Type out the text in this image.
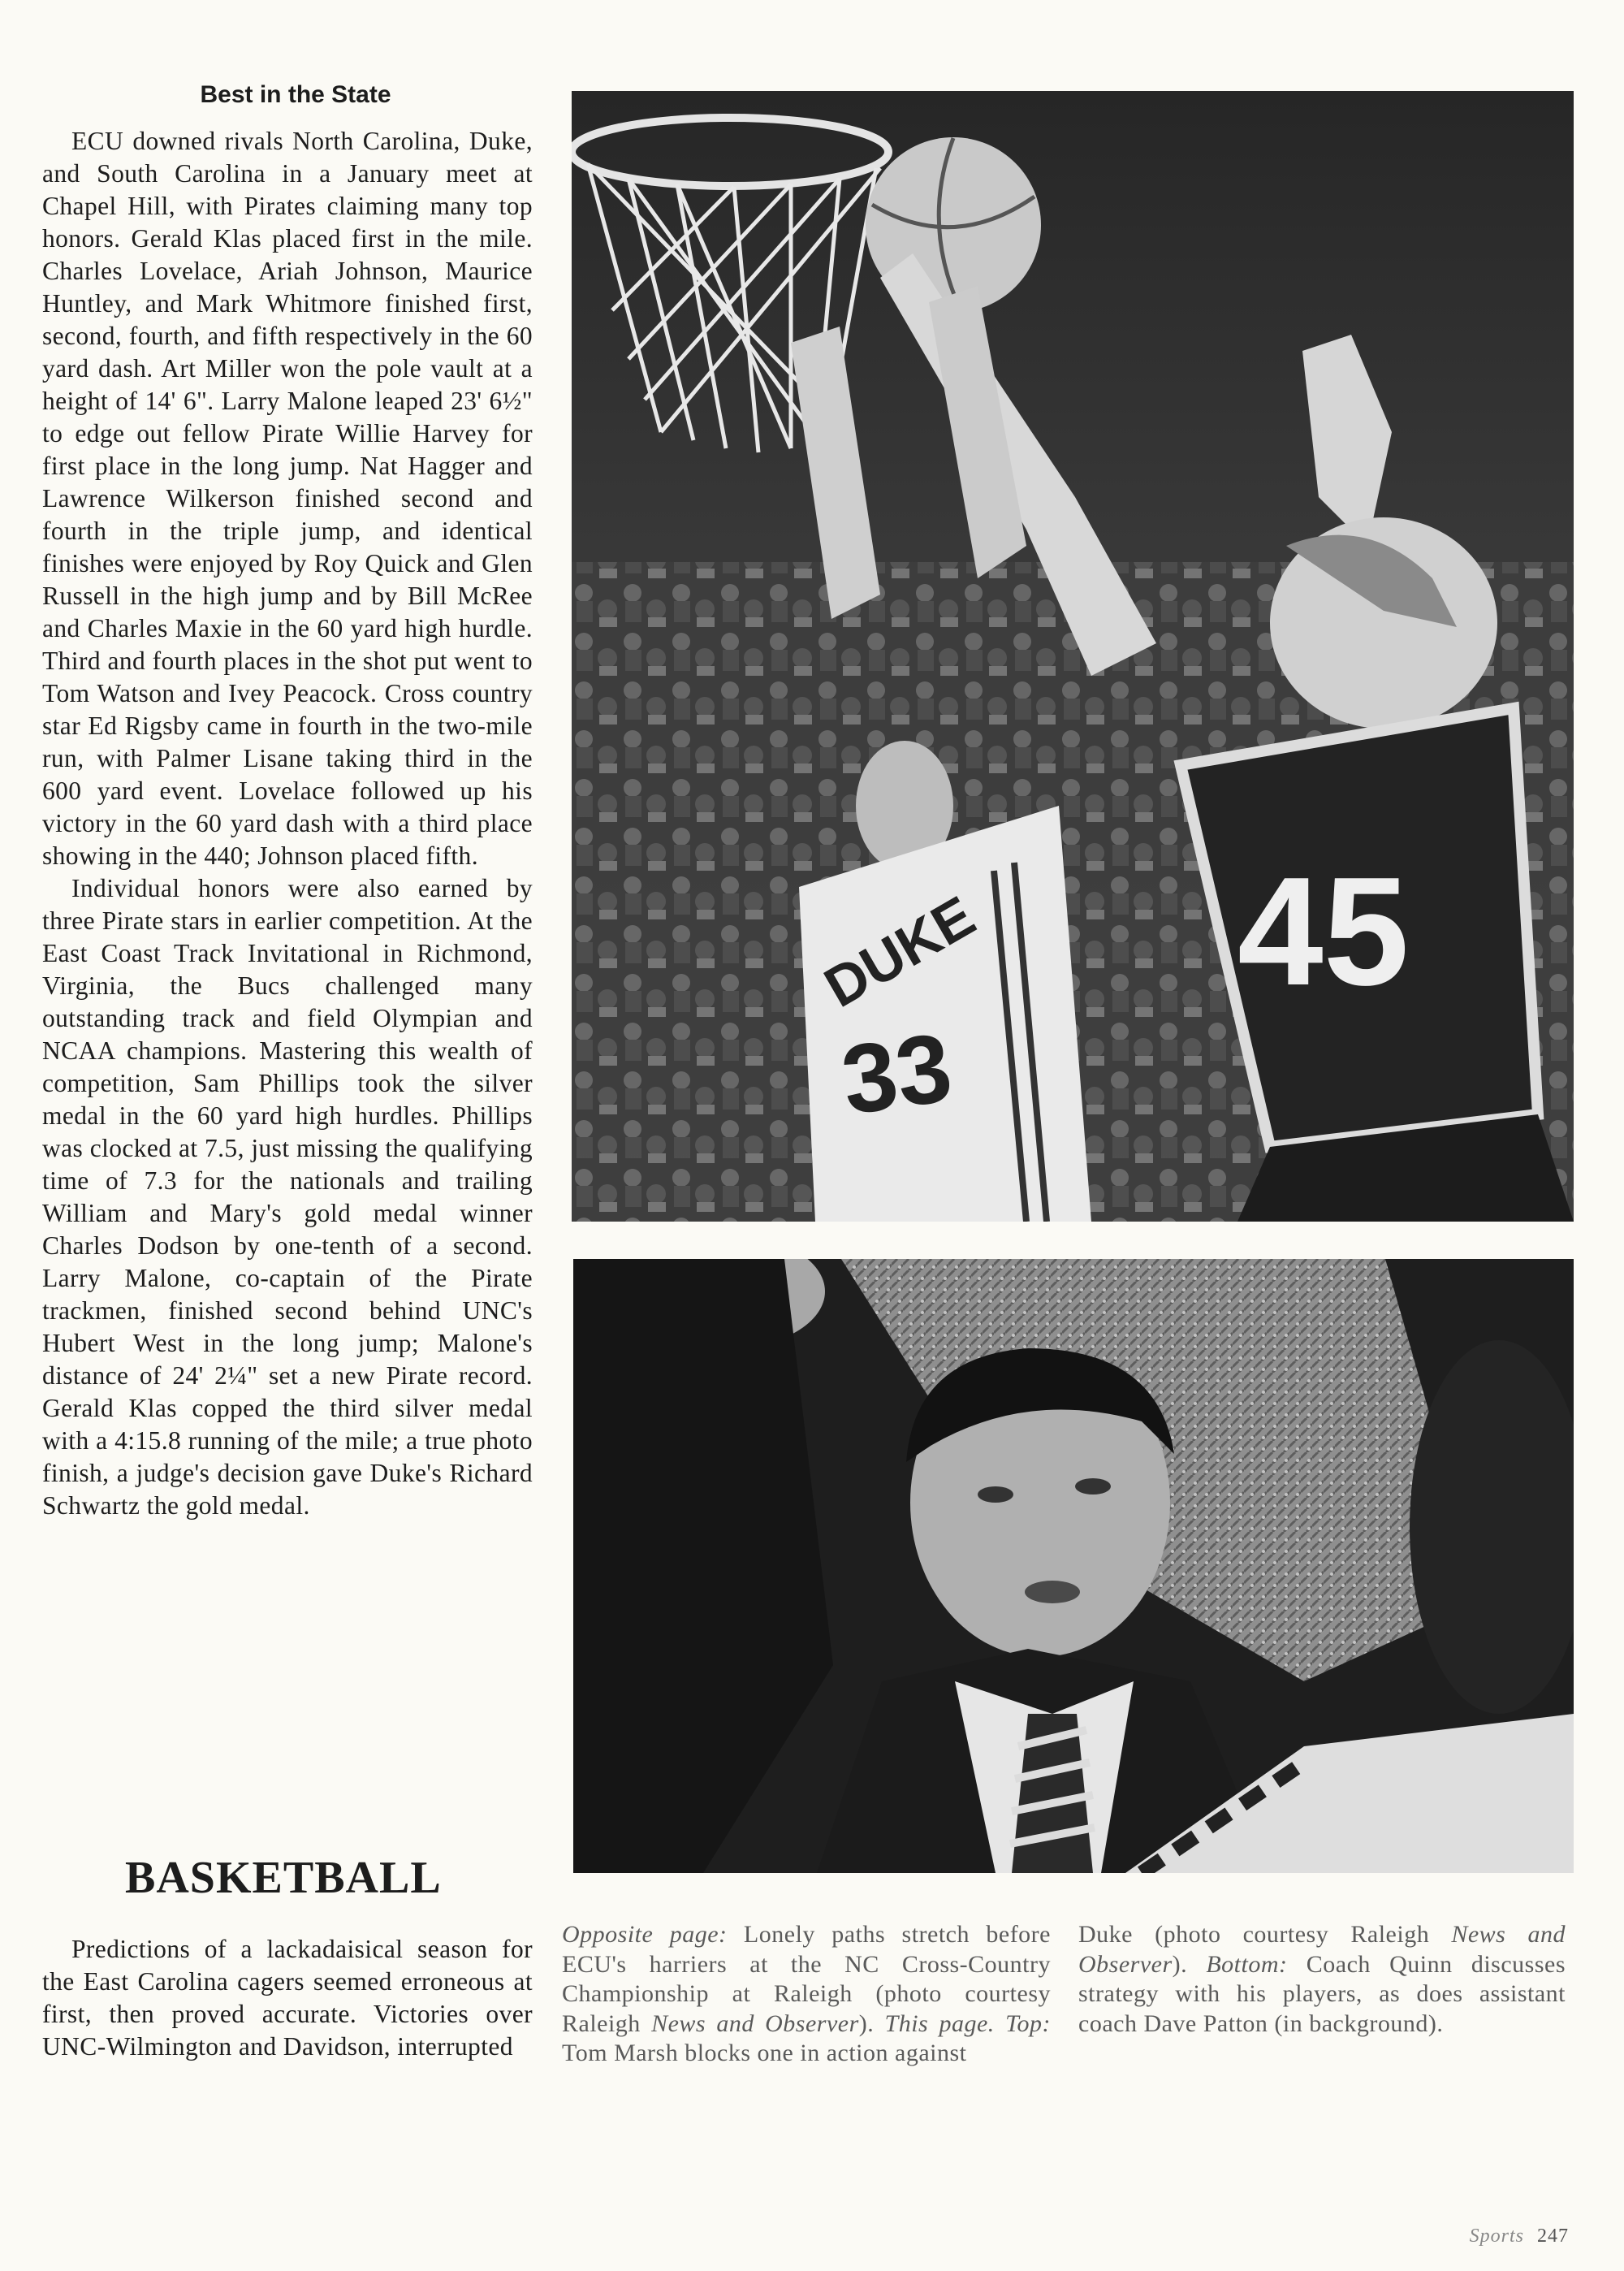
Best in the State

ECU downed rivals North Carolina, Duke, and South Carolina in a January meet at Chapel Hill, with Pirates claiming many top honors. Gerald Klas placed first in the mile. Charles Lovelace, Ariah Johnson, Maurice Huntley, and Mark Whitmore finished first, second, fourth, and fifth respectively in the 60 yard dash. Art Miller won the pole vault at a height of 14' 6". Larry Malone leaped 23' 6½" to edge out fellow Pirate Willie Harvey for first place in the long jump. Nat Hagger and Lawrence Wilkerson finished second and fourth in the triple jump, and identical finishes were enjoyed by Roy Quick and Glen Russell in the high jump and by Bill McRee and Charles Maxie in the 60 yard high hurdle. Third and fourth places in the shot put went to Tom Watson and Ivey Peacock. Cross country star Ed Rigsby came in fourth in the two-mile run, with Palmer Lisane taking third in the 600 yard event. Lovelace followed up his victory in the 60 yard dash with a third place showing in the 440; Johnson placed fifth.

Individual honors were also earned by three Pirate stars in earlier competition. At the East Coast Track Invitational in Richmond, Virginia, the Bucs challenged many outstanding track and field Olympian and NCAA champions. Mastering this wealth of competition, Sam Phillips took the silver medal in the 60 yard high hurdles. Phillips was clocked at 7.5, just missing the qualifying time of 7.3 for the nationals and trailing William and Mary's gold medal winner Charles Dodson by one-tenth of a second. Larry Malone, co-captain of the Pirate trackmen, finished second behind UNC's Hubert West in the long jump; Malone's distance of 24' 2¼" set a new Pirate record. Gerald Klas copped the third silver medal with a 4:15.8 running of the mile; a true photo finish, a judge's decision gave Duke's Richard Schwartz the gold medal.

BASKETBALL

Predictions of a lackadaisical season for the East Carolina cagers seemed erroneous at first, then proved accurate. Victories over UNC-Wilmington and Davidson, interrupted

45
33
DUKE
Opposite page: Lonely paths stretch before ECU's harriers at the NC Cross-Country Championship at Raleigh (photo courtesy Raleigh News and Observer). This page. Top: Tom Marsh blocks one in action against
Duke (photo courtesy Raleigh News and Observer). Bottom: Coach Quinn discusses strategy with his players, as does assistant coach Dave Patton (in background).
Sports 247
